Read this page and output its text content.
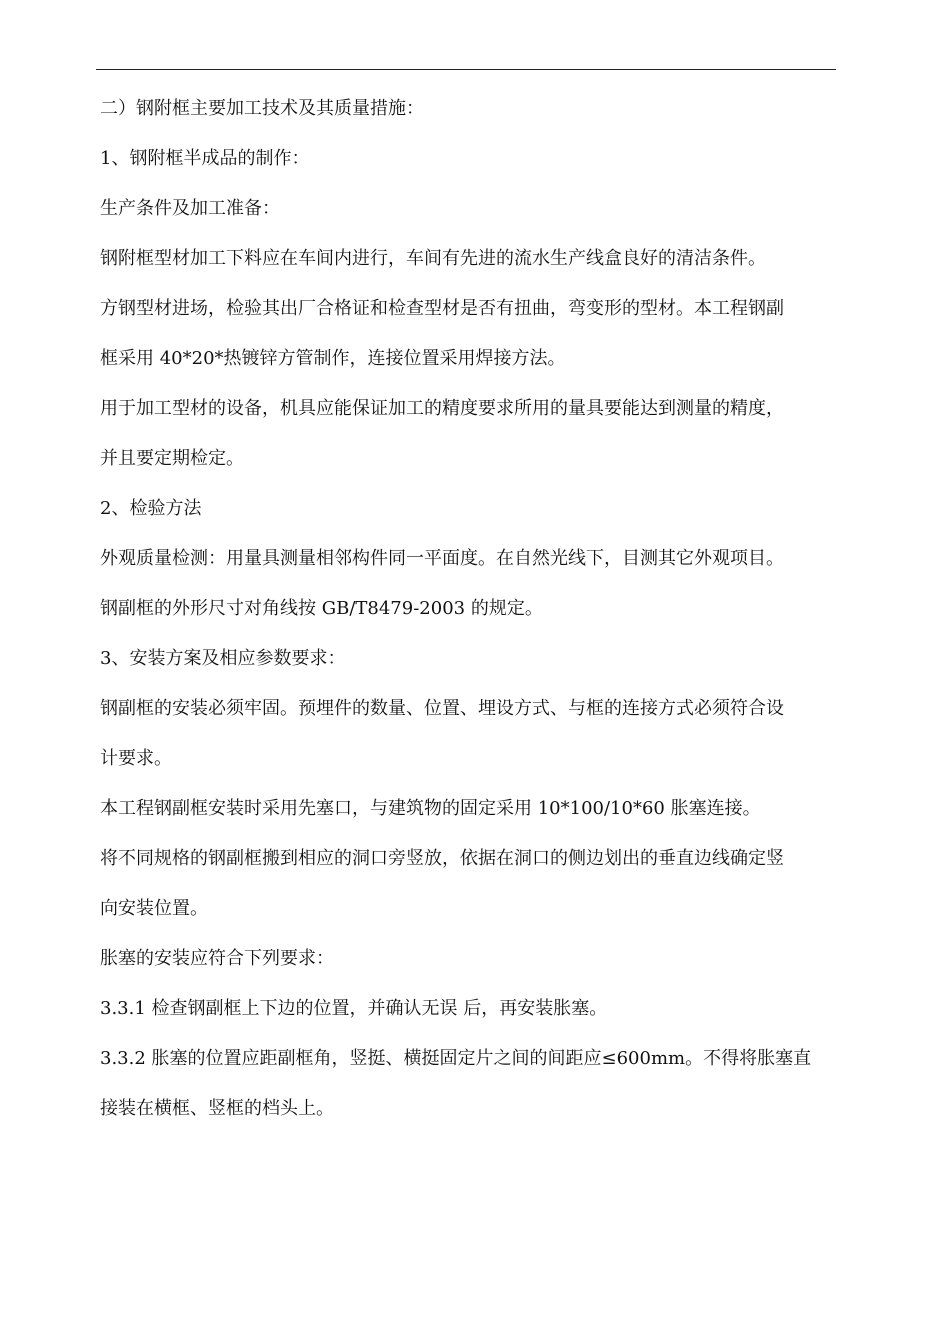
二）钢附框主要加工技术及其质量措施：
1、钢附框半成品的制作：
生产条件及加工准备：
钢附框型材加工下料应在车间内进行，车间有先进的流水生产线盒良好的清洁条件。
方钢型材进场，检验其出厂合格证和检查型材是否有扭曲，弯变形的型材。本工程钢副
框采用 40*20*热镀锌方管制作，连接位置采用焊接方法。
用于加工型材的设备，机具应能保证加工的精度要求所用的量具要能达到测量的精度，
并且要定期检定。
2、检验方法
外观质量检测：用量具测量相邻构件同一平面度。在自然光线下，目测其它外观项目。
钢副框的外形尺寸对角线按 GB/T8479-2003 的规定。
3、安装方案及相应参数要求：
钢副框的安装必须牢固。预埋件的数量、位置、埋设方式、与框的连接方式必须符合设
计要求。
本工程钢副框安装时采用先塞口，与建筑物的固定采用 10*100/10*60 胀塞连接。
将不同规格的钢副框搬到相应的洞口旁竖放，依据在洞口的侧边划出的垂直边线确定竖
向安装位置。
胀塞的安装应符合下列要求：
3.3.1 检查钢副框上下边的位置，并确认无误 后，再安装胀塞。
3.3.2 胀塞的位置应距副框角，竖挺、横挺固定片之间的间距应≤600mm。不得将胀塞直
接装在横框、竖框的档头上。
